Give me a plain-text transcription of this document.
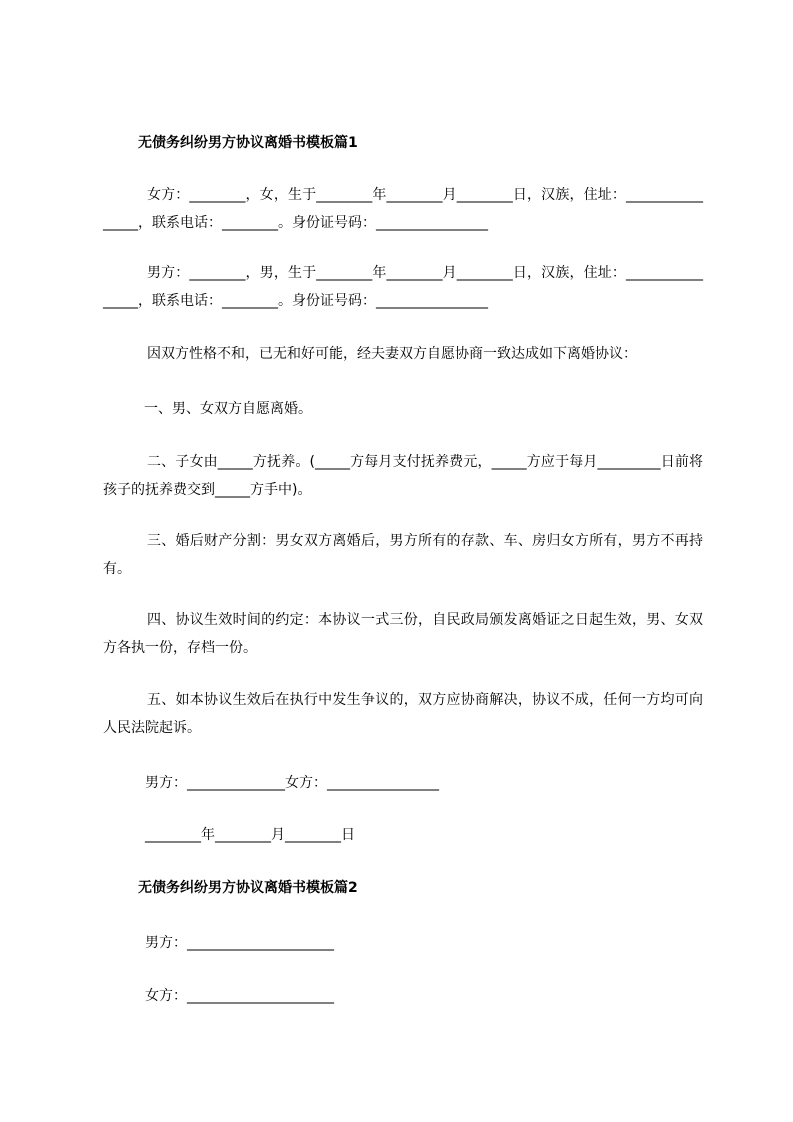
无债务纠纷男方协议离婚书模板篇1
女方：________，女，生于________年________月________日，汉族，住址：________________，联系电话：________。身份证号码：________________
男方：________，男，生于________年________月________日，汉族，住址：________________，联系电话：________。身份证号码：________________
因双方性格不和，已无和好可能，经夫妻双方自愿协商一致达成如下离婚协议：
一、男、女双方自愿离婚。
二、子女由_____方抚养。(_____方每月支付抚养费元，_____方应于每月_________日前将孩子的抚养费交到_____方手中)。
三、婚后财产分割：男女双方离婚后，男方所有的存款、车、房归女方所有，男方不再持有。
四、协议生效时间的约定：本协议一式三份，自民政局颁发离婚证之日起生效，男、女双方各执一份，存档一份。
五、如本协议生效后在执行中发生争议的，双方应协商解决，协议不成，任何一方均可向人民法院起诉。
男方：______________女方：________________
________年________月________日
无债务纠纷男方协议离婚书模板篇2
男方：_____________________
女方：_____________________
